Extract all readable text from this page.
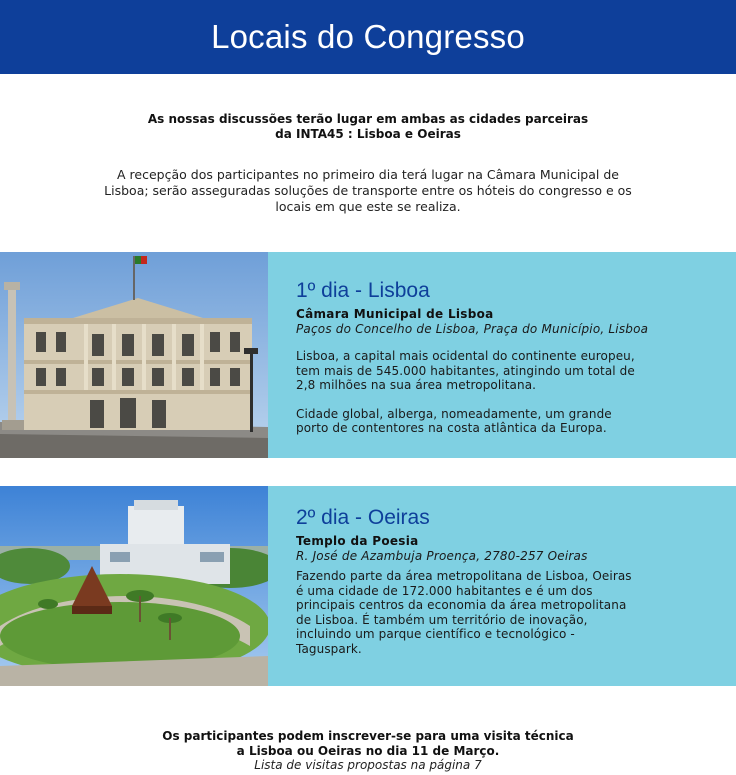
Locais do Congresso

As nossas discussões terão lugar em ambas as cidades parceiras

da INTA45 : Lisboa e Oeiras

A recepção dos participantes no primeiro dia terá lugar na Câmara Municipal de

Lisboa; serão asseguradas soluções de transporte entre os hóteis do congresso e os

locais em que este se realiza.

1º dia - Lisboa

Câmara Municipal de Lisboa

Paços do Concelho de Lisboa, Praça do Município, Lisboa

Lisboa, a capital mais ocidental do continente europeu,

tem mais de 545.000 habitantes, atingindo um total de

2,8 milhões na sua área metropolitana.

Cidade global, alberga, nomeadamente, um grande

porto de contentores na costa atlântica da Europa.

2º dia - Oeiras

Templo da Poesia

R. José de Azambuja Proença, 2780-257 Oeiras

Fazendo parte da área metropolitana de Lisboa, Oeiras

é uma cidade de 172.000 habitantes e é um dos

principais centros da economia da área metropolitana

de Lisboa. É também um território de inovação,

incluindo um parque científico e tecnológico -

Taguspark.

Os participantes podem inscrever-se para uma visita técnica

a Lisboa ou Oeiras no dia 11 de Março.

Lista de visitas propostas na página 7
